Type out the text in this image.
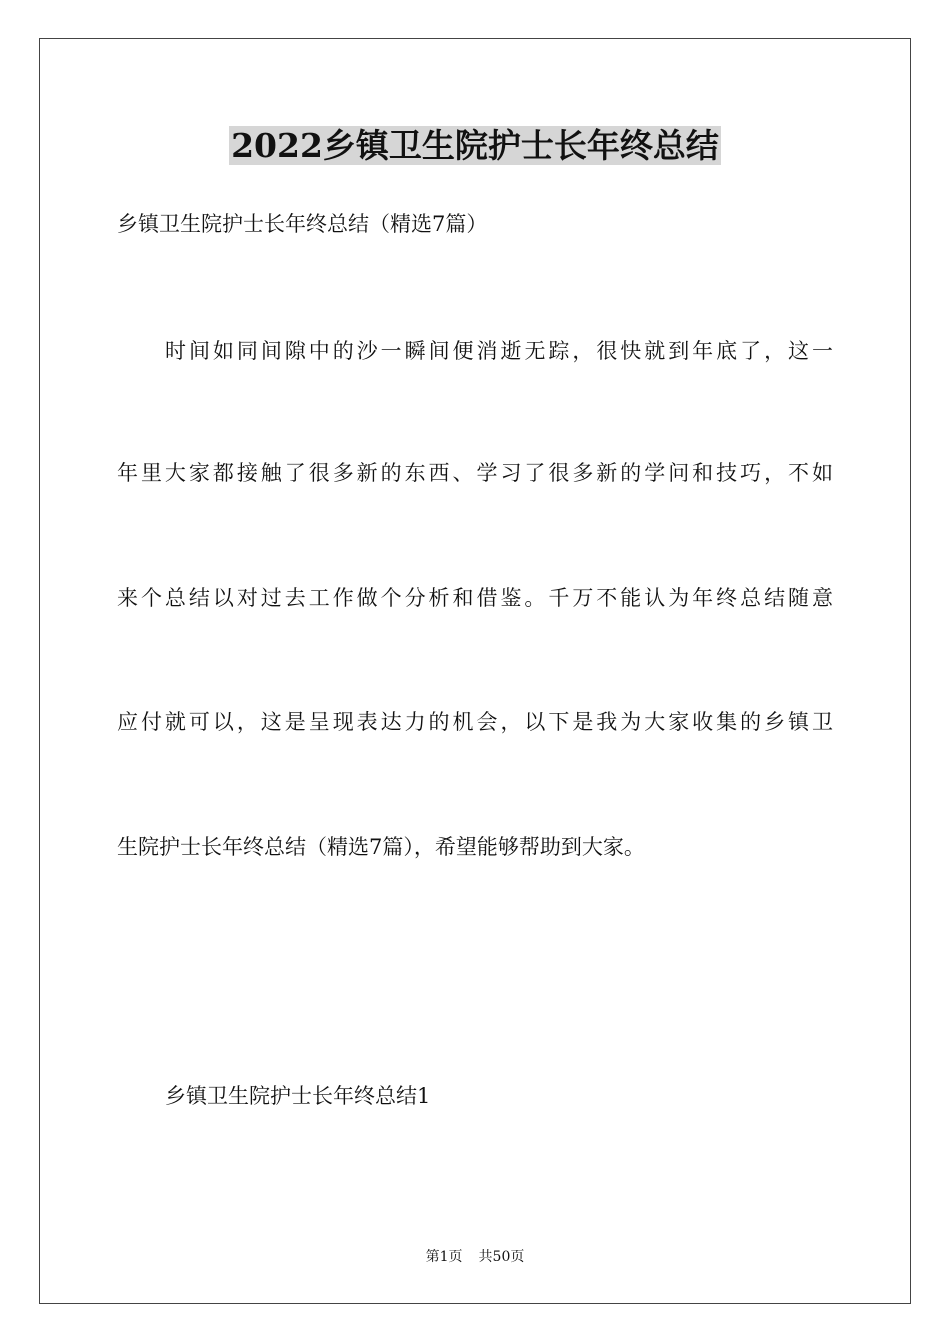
2022乡镇卫生院护士长年终总结
乡镇卫生院护士长年终总结（精选7篇）
时间如同间隙中的沙一瞬间便消逝无踪，很快就到年底了，这一
年里大家都接触了很多新的东西、学习了很多新的学问和技巧，不如
来个总结以对过去工作做个分析和借鉴。千万不能认为年终总结随意
应付就可以，这是呈现表达力的机会，以下是我为大家收集的乡镇卫
生院护士长年终总结（精选7篇），希望能够帮助到大家。
乡镇卫生院护士长年终总结1
第1页 共50页
